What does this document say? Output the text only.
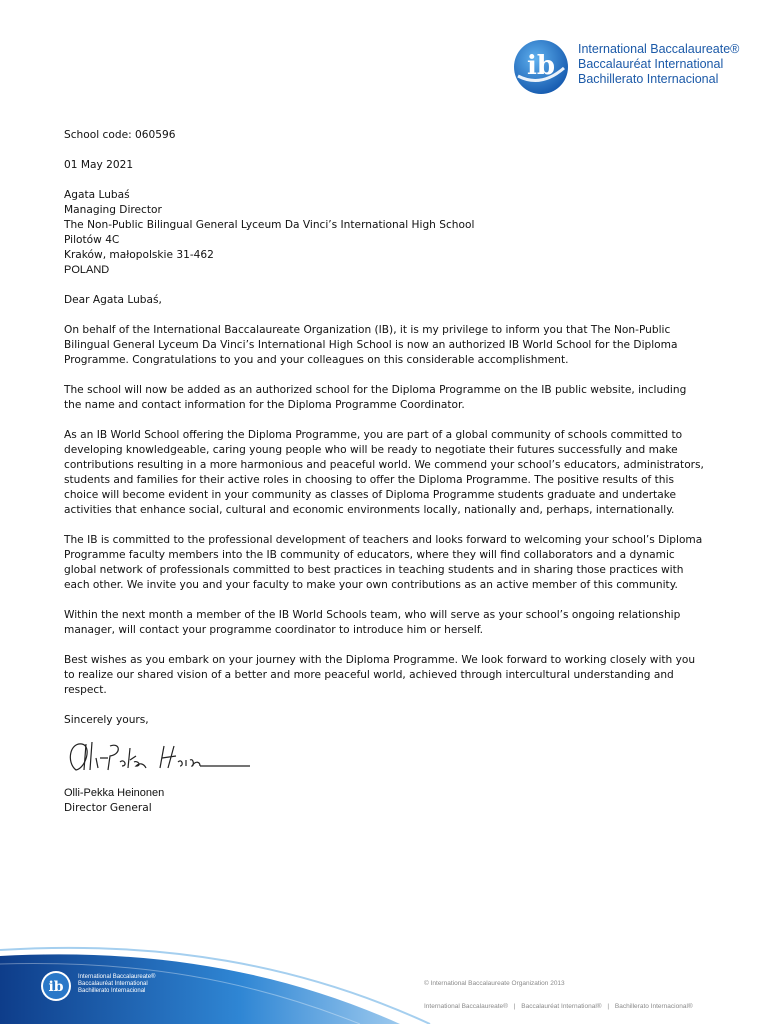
ib
International Baccalaureate®
Baccalauréat International
Bachillerato Internacional

School code: 060596

01 May 2021

Agata Lubaś
Managing Director
The Non-Public Bilingual General Lyceum Da Vinci’s International High School
Pilotów 4C
Kraków, małopolskie 31-462
POLAND

Dear Agata Lubaś,

On behalf of the International Baccalaureate Organization (IB), it is my privilege to inform you that The Non-Public Bilingual General Lyceum Da Vinci’s International High School is now an authorized IB World School for the Diploma Programme. Congratulations to you and your colleagues on this considerable accomplishment.

The school will now be added as an authorized school for the Diploma Programme on the IB public website, including the name and contact information for the Diploma Programme Coordinator.

As an IB World School offering the Diploma Programme, you are part of a global community of schools committed to developing knowledgeable, caring young people who will be ready to negotiate their futures successfully and make contributions resulting in a more harmonious and peaceful world. We commend your school’s educators, administrators, students and families for their active roles in choosing to offer the Diploma Programme. The positive results of this choice will become evident in your community as classes of Diploma Programme students graduate and undertake activities that enhance social, cultural and economic environments locally, nationally and, perhaps, internationally.

The IB is committed to the professional development of teachers and looks forward to welcoming your school’s Diploma Programme faculty members into the IB community of educators, where they will find collaborators and a dynamic global network of professionals committed to best practices in teaching students and in sharing those practices with each other. We invite you and your faculty to make your own contributions as an active member of this community.

Within the next month a member of the IB World Schools team, who will serve as your school’s ongoing relationship manager, will contact your programme coordinator to introduce him or herself.

Best wishes as you embark on your journey with the Diploma Programme. We look forward to working closely with you to realize our shared vision of a better and more peaceful world, achieved through intercultural understanding and respect.

Sincerely yours,

Olli-Pekka Heinonen
Director General
ib
International Baccalaureate®
Baccalauréat International
Bachillerato Internacional
© International Baccalaureate Organization 2013
International Baccalaureate® | Baccalauréat International® | Bachillerato Internacional®
